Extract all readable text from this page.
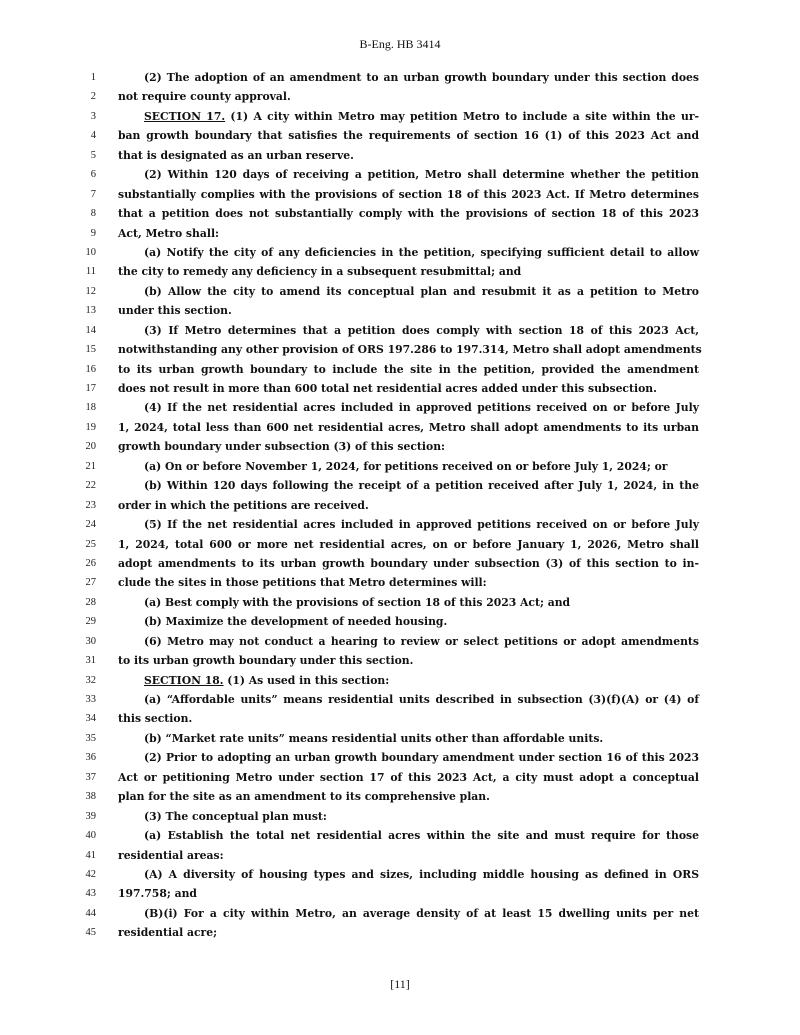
B-Eng. HB 3414
1	(2) The adoption of an amendment to an urban growth boundary under this section does
2 not require county approval.
3	SECTION 17. (1) A city within Metro may petition Metro to include a site within the ur-
4 ban growth boundary that satisfies the requirements of section 16 (1) of this 2023 Act and
5 that is designated as an urban reserve.
6	(2) Within 120 days of receiving a petition, Metro shall determine whether the petition
7 substantially complies with the provisions of section 18 of this 2023 Act. If Metro determines
8 that a petition does not substantially comply with the provisions of section 18 of this 2023
9 Act, Metro shall:
10	(a) Notify the city of any deficiencies in the petition, specifying sufficient detail to allow
11 the city to remedy any deficiency in a subsequent resubmittal; and
12	(b) Allow the city to amend its conceptual plan and resubmit it as a petition to Metro
13 under this section.
14	(3) If Metro determines that a petition does comply with section 18 of this 2023 Act,
15 notwithstanding any other provision of ORS 197.286 to 197.314, Metro shall adopt amendments
16 to its urban growth boundary to include the site in the petition, provided the amendment
17 does not result in more than 600 total net residential acres added under this subsection.
18	(4) If the net residential acres included in approved petitions received on or before July
19 1, 2024, total less than 600 net residential acres, Metro shall adopt amendments to its urban
20 growth boundary under subsection (3) of this section:
21	(a) On or before November 1, 2024, for petitions received on or before July 1, 2024; or
22	(b) Within 120 days following the receipt of a petition received after July 1, 2024, in the
23 order in which the petitions are received.
24	(5) If the net residential acres included in approved petitions received on or before July
25 1, 2024, total 600 or more net residential acres, on or before January 1, 2026, Metro shall
26 adopt amendments to its urban growth boundary under subsection (3) of this section to in-
27 clude the sites in those petitions that Metro determines will:
28	(a) Best comply with the provisions of section 18 of this 2023 Act; and
29	(b) Maximize the development of needed housing.
30	(6) Metro may not conduct a hearing to review or select petitions or adopt amendments
31 to its urban growth boundary under this section.
32	SECTION 18. (1) As used in this section:
33	(a) “Affordable units” means residential units described in subsection (3)(f)(A) or (4) of
34 this section.
35	(b) “Market rate units” means residential units other than affordable units.
36	(2) Prior to adopting an urban growth boundary amendment under section 16 of this 2023
37 Act or petitioning Metro under section 17 of this 2023 Act, a city must adopt a conceptual
38 plan for the site as an amendment to its comprehensive plan.
39	(3) The conceptual plan must:
40	(a) Establish the total net residential acres within the site and must require for those
41 residential areas:
42	(A) A diversity of housing types and sizes, including middle housing as defined in ORS
43 197.758; and
44	(B)(i) For a city within Metro, an average density of at least 15 dwelling units per net
45 residential acre;
[11]
